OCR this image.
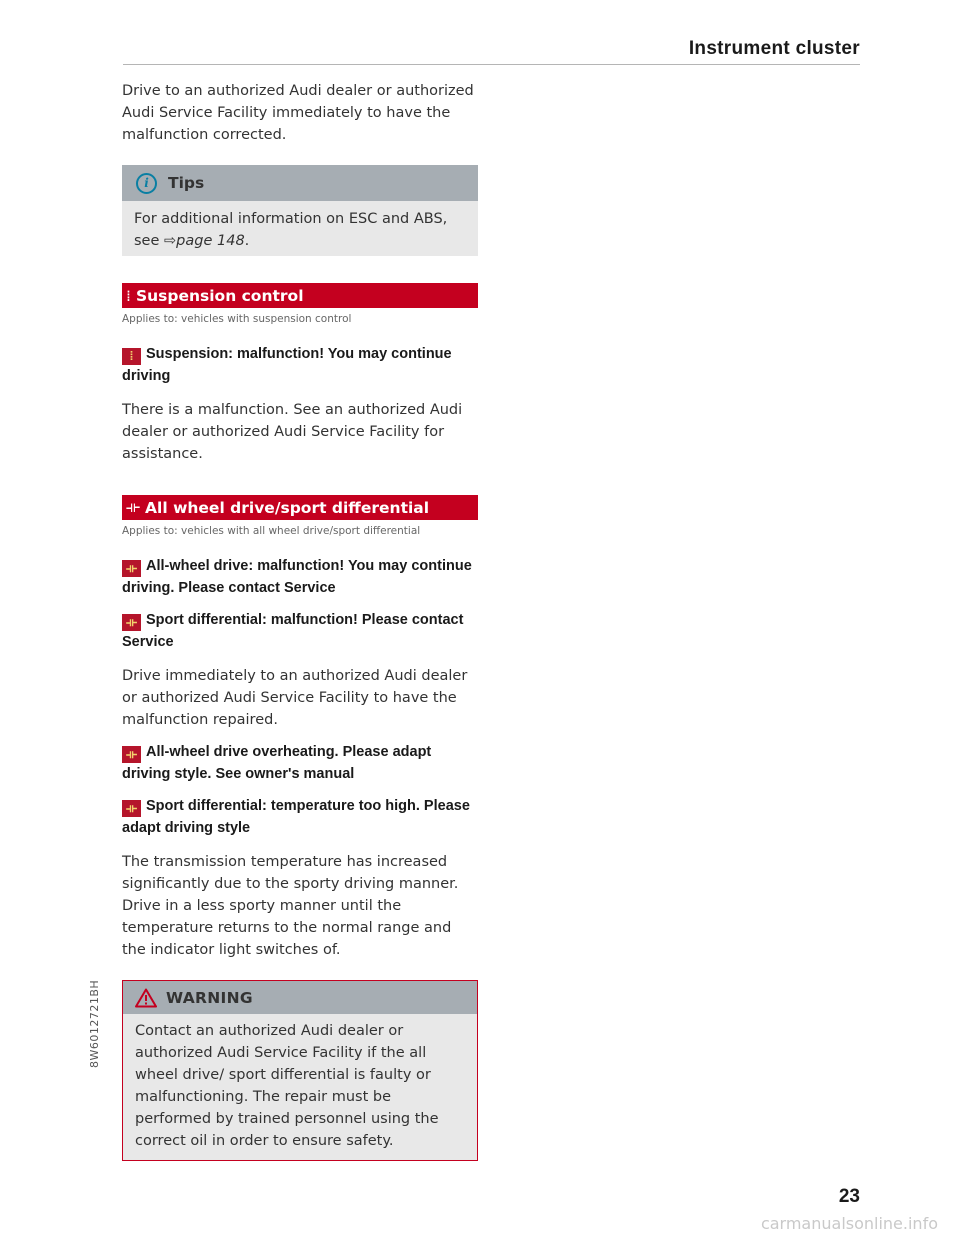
Instrument cluster

Drive to an authorized Audi dealer or authorized Audi Service Facility immediately to have the malfunction corrected.

i	Tips

For additional information on ESC and ABS, see ⇨page 148.

⁞ Suspension control
Applies to: vehicles with suspension control
⁞ Suspension: malfunction! You may continue driving

There is a malfunction. See an authorized Audi dealer or authorized Audi Service Facility for assistance.

⟛ All wheel drive/sport differential
Applies to: vehicles with all wheel drive/sport differential
⟛ All-wheel drive: malfunction! You may continue driving. Please contact Service
⟛ Sport differential: malfunction! Please contact Service

Drive immediately to an authorized Audi dealer or authorized Audi Service Facility to have the malfunction repaired.

⟛ All-wheel drive overheating. Please adapt driving style. See owner's manual
⟛ Sport differential: temperature too high. Please adapt driving style

The transmission temperature has increased significantly due to the sporty driving manner. Drive in a less sporty manner until the temperature returns to the normal range and the indicator light switches of.

WARNING

Contact an authorized Audi dealer or authorized Audi Service Facility if the all wheel drive/ sport differential is faulty or malfunctioning. The repair must be performed by trained personnel using the correct oil in order to ensure safety.

8W6012721BH
23
carmanualsonline.info
